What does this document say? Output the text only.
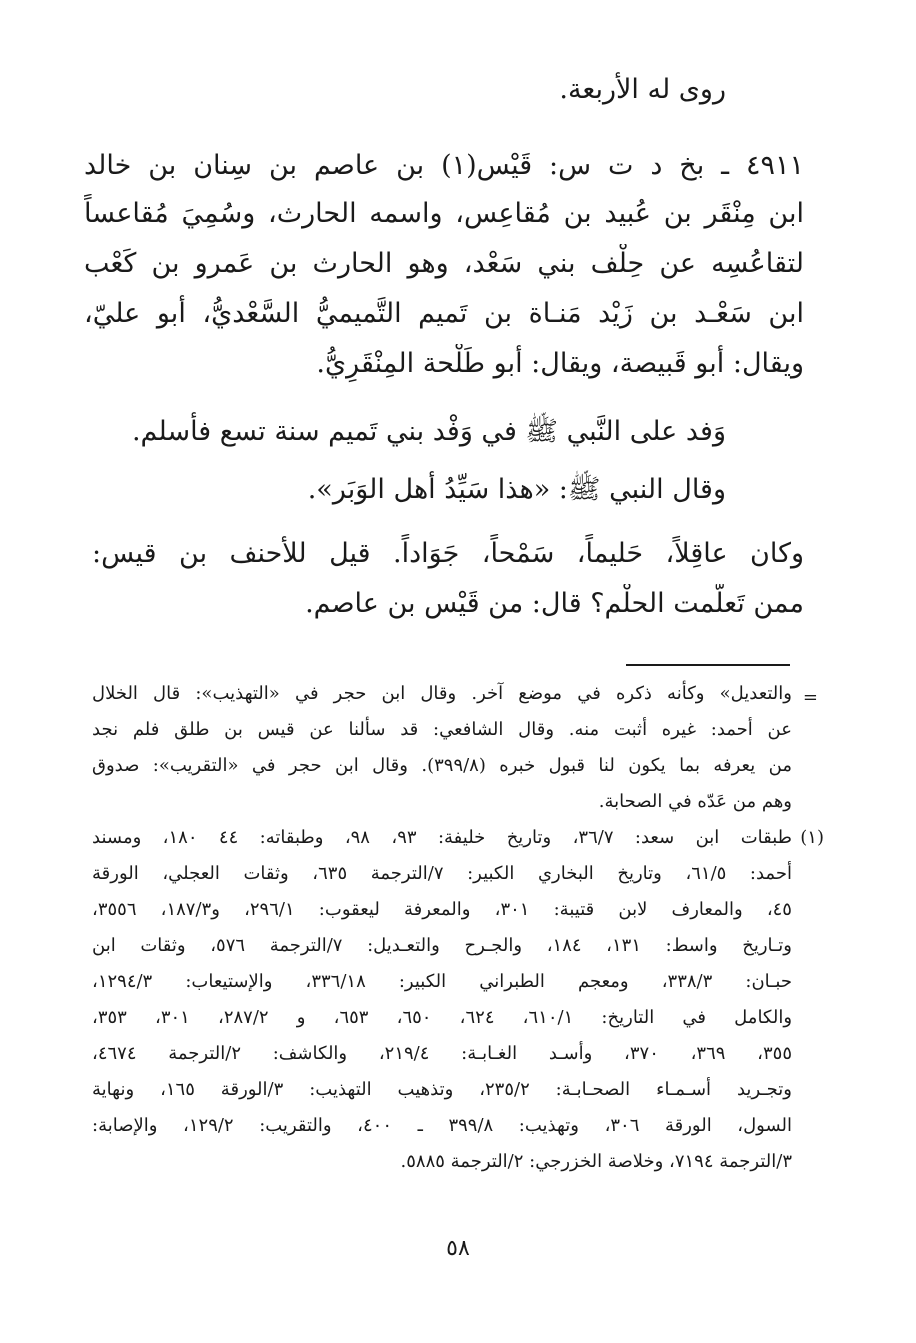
روى له الأربعة.
٤٩١١ ـ بخ د ت س: قَيْس(١) بن عاصم بن سِنان بن خالد
ابن مِنْقَر بن عُبيد بن مُقاعِس، واسمه الحارث، وسُمِيَ مُقاعساً
لتقاعُسِه عن حِلْف بني سَعْد، وهو الحارث بن عَمرو بن كَعْب
ابن سَعْـد بن زَيْد مَنـاة بن تَميم التَّميميُّ السَّعْديُّ، أبو عليّ،
ويقال: أبو قَبيصة، ويقال: أبو طَلْحة المِنْقَرِيُّ.
وَفد على النَّبي ﷺ في وَفْد بني تَميم سنة تسع فأسلم.
وقال النبي ﷺ: «هذا سَيِّدُ أهل الوَبَر».
وكان عاقِلاً، حَليماً، سَمْحاً، جَوَاداً. قيل للأحنف بن قيس:
ممن تَعلّمت الحلْم؟ قال: من قَيْس بن عاصم.
=
والتعديل» وكأنه ذكره في موضع آخر. وقال ابن حجر في «التهذيب»: قال الخلال
عن أحمد: غيره أثبت منه. وقال الشافعي: قد سألنا عن قيس بن طلق فلم نجد
من يعرفه بما يكون لنا قبول خبره (٣٩٩/٨). وقال ابن حجر في «التقريب»: صدوق
وهم من عَدّه في الصحابة.
(١)
طبقات ابن سعد: ٣٦/٧، وتاريخ خليفة: ٩٣، ٩٨، وطبقاته: ٤٤ ١٨٠، ومسند
أحمد: ٦١/٥، وتاريخ البخاري الكبير: ٧/الترجمة ٦٣٥، وثقات العجلي، الورقة
٤٥، والمعارف لابن قتيبة: ٣٠١، والمعرفة ليعقوب: ٢٩٦/١، و١٨٧/٣، ٣٥٥٦،
وتـاريخ واسط: ١٣١، ١٨٤، والجـرح والتعـديل: ٧/الترجمة ٥٧٦، وثقات ابن
حبـان: ٣٣٨/٣، ومعجم الطبراني الكبير: ٣٣٦/١٨، والإستيعاب: ١٢٩٤/٣،
والكامل في التاريخ: ٦١٠/١، ٦٢٤، ٦٥٠، ٦٥٣، و ٢٨٧/٢، ٣٠١، ٣٥٣،
٣٥٥، ٣٦٩، ٣٧٠، وأسـد الغـابـة: ٢١٩/٤، والكاشف: ٢/الترجمة ٤٦٧٤،
وتجـريد أسـمـاء الصحـابـة: ٢٣٥/٢، وتذهيب التهذيب: ٣/الورقة ١٦٥، ونهاية
السول، الورقة ٣٠٦، وتهذيب: ٣٩٩/٨ ـ ٤٠٠، والتقريب: ١٢٩/٢، والإصابة:
٣/الترجمة ٧١٩٤، وخلاصة الخزرجي: ٢/الترجمة ٥٨٨٥.
٥٨
